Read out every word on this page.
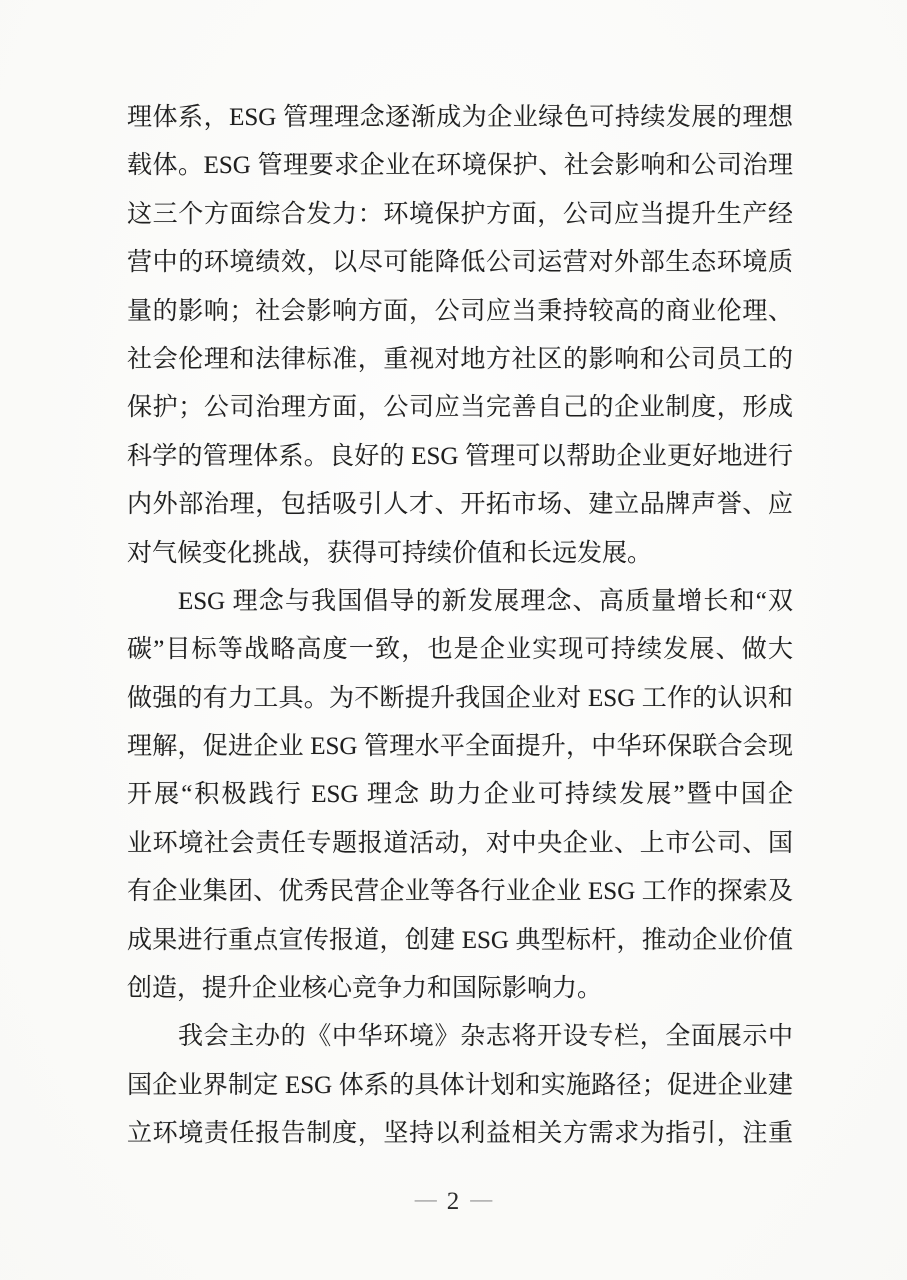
理体系，ESG 管理理念逐渐成为企业绿色可持续发展的理想
载体。ESG 管理要求企业在环境保护、社会影响和公司治理
这三个方面综合发力：环境保护方面，公司应当提升生产经
营中的环境绩效，以尽可能降低公司运营对外部生态环境质
量的影响；社会影响方面，公司应当秉持较高的商业伦理、
社会伦理和法律标准，重视对地方社区的影响和公司员工的
保护；公司治理方面，公司应当完善自己的企业制度，形成
科学的管理体系。良好的 ESG 管理可以帮助企业更好地进行
内外部治理，包括吸引人才、开拓市场、建立品牌声誉、应
对气候变化挑战，获得可持续价值和长远发展。
ESG 理念与我国倡导的新发展理念、高质量增长和“双
碳”目标等战略高度一致，也是企业实现可持续发展、做大
做强的有力工具。为不断提升我国企业对 ESG 工作的认识和
理解，促进企业 ESG 管理水平全面提升，中华环保联合会现
开展“积极践行 ESG 理念 助力企业可持续发展”暨中国企
业环境社会责任专题报道活动，对中央企业、上市公司、国
有企业集团、优秀民营企业等各行业企业 ESG 工作的探索及
成果进行重点宣传报道，创建 ESG 典型标杆，推动企业价值
创造，提升企业核心竞争力和国际影响力。
我会主办的《中华环境》杂志将开设专栏，全面展示中
国企业界制定 ESG 体系的具体计划和实施路径；促进企业建
立环境责任报告制度，坚持以利益相关方需求为指引，注重
— 2 —
